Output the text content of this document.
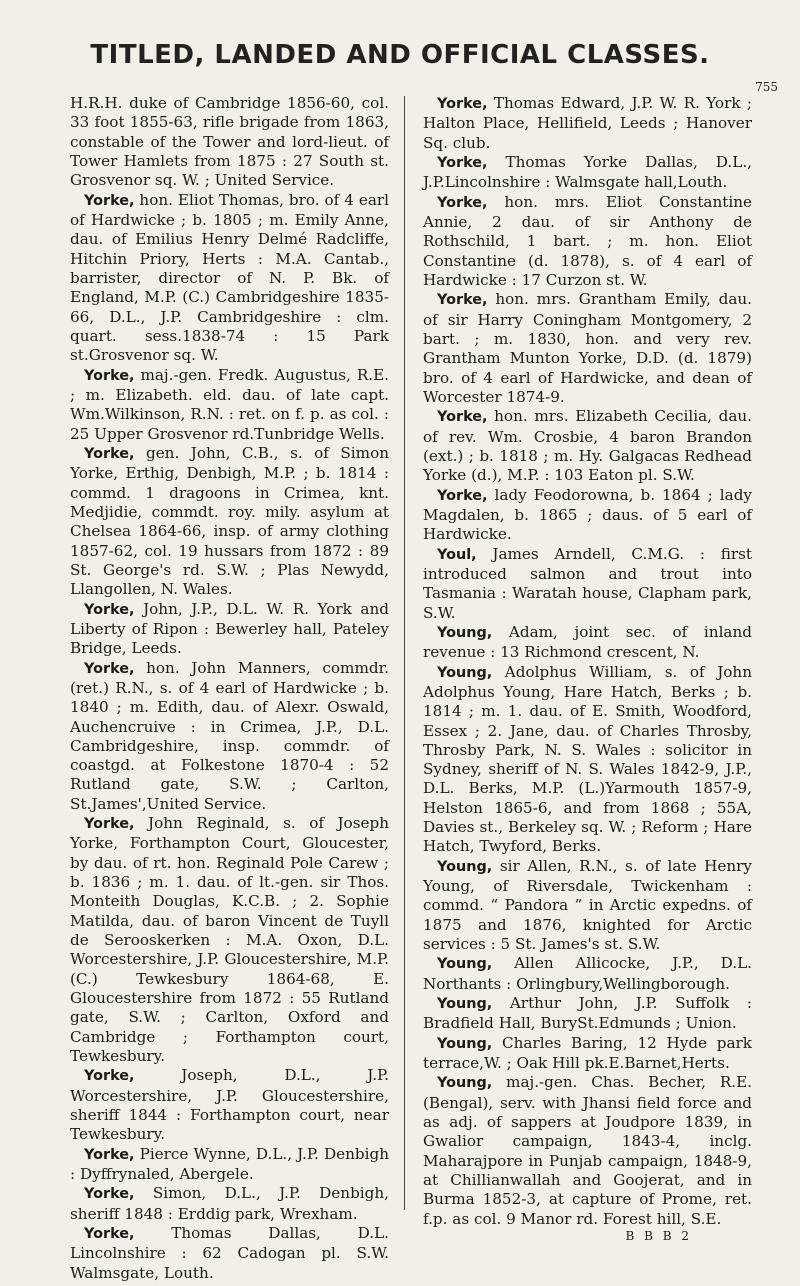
TITLED, LANDED AND OFFICIAL CLASSES.
755

H.R.H. duke of Cambridge 1856-60, col. 33 foot 1855-63, rifle brigade from 1863, constable of the Tower and lord-lieut. of Tower Hamlets from 1875 : 27 South st. Grosvenor sq. W. ; United Service.

Yorke, hon. Eliot Thomas, bro. of 4 earl of Hardwicke ; b. 1805 ; m. Emily Anne, dau. of Emilius Henry Delmé Radcliffe, Hitchin Priory, Herts : M.A. Cantab., barrister, director of N. P. Bk. of England, M.P. (C.) Cambridgeshire 1835-66, D.L., J.P. Cambridgeshire : clm. quart. sess.1838-74 : 15 Park st.Grosvenor sq. W.

Yorke, maj.-gen. Fredk. Augustus, R.E. ; m. Elizabeth. eld. dau. of late capt. Wm.Wilkinson, R.N. : ret. on f. p. as col. : 25 Upper Grosvenor rd.Tunbridge Wells.

Yorke, gen. John, C.B., s. of Simon Yorke, Erthig, Denbigh, M.P. ; b. 1814 : commd. 1 dragoons in Crimea, knt. Medjidie, commdt. roy. mily. asylum at Chelsea 1864-66, insp. of army clothing 1857-62, col. 19 hussars from 1872 : 89 St. George's rd. S.W. ; Plas Newydd, Llangollen, N. Wales.

Yorke, John, J.P., D.L. W. R. York and Liberty of Ripon : Bewerley hall, Pateley Bridge, Leeds.

Yorke, hon. John Manners, commdr. (ret.) R.N., s. of 4 earl of Hardwicke ; b. 1840 ; m. Edith, dau. of Alexr. Oswald, Auchencruive : in Crimea, J.P., D.L. Cambridgeshire, insp. commdr. of coastgd. at Folkestone 1870-4 : 52 Rutland gate, S.W. ; Carlton, St.James',United Service.

Yorke, John Reginald, s. of Joseph Yorke, Forthampton Court, Gloucester, by dau. of rt. hon. Reginald Pole Carew ; b. 1836 ; m. 1. dau. of lt.-gen. sir Thos. Monteith Douglas, K.C.B. ; 2. Sophie Matilda, dau. of baron Vincent de Tuyll de Serooskerken : M.A. Oxon, D.L. Worcestershire, J.P. Gloucestershire, M.P. (C.) Tewkesbury 1864-68, E. Gloucestershire from 1872 : 55 Rutland gate, S.W. ; Carlton, Oxford and Cambridge ; Forthampton court, Tewkesbury.

Yorke, Joseph, D.L., J.P. Worcestershire, J.P. Gloucestershire, sheriff 1844 : Forthampton court, near Tewkesbury.

Yorke, Pierce Wynne, D.L., J.P. Denbigh : Dyffrynaled, Abergele.

Yorke, Simon, D.L., J.P. Denbigh, sheriff 1848 : Erddig park, Wrexham.

Yorke, Thomas Dallas, D.L. Lincolnshire : 62 Cadogan pl. S.W. Walmsgate, Louth.

Yorke, Thomas Edward, J.P. W. R. York ; Halton Place, Hellifield, Leeds ; Hanover Sq. club.

Yorke, Thomas Yorke Dallas, D.L., J.P.Lincolnshire : Walmsgate hall,Louth.

Yorke, hon. mrs. Eliot Constantine Annie, 2 dau. of sir Anthony de Rothschild, 1 bart. ; m. hon. Eliot Constantine (d. 1878), s. of 4 earl of Hardwicke : 17 Curzon st. W.

Yorke, hon. mrs. Grantham Emily, dau. of sir Harry Coningham Montgomery, 2 bart. ; m. 1830, hon. and very rev. Grantham Munton Yorke, D.D. (d. 1879) bro. of 4 earl of Hardwicke, and dean of Worcester 1874-9.

Yorke, hon. mrs. Elizabeth Cecilia, dau. of rev. Wm. Crosbie, 4 baron Brandon (ext.) ; b. 1818 ; m. Hy. Galgacas Redhead Yorke (d.), M.P. : 103 Eaton pl. S.W.

Yorke, lady Feodorowna, b. 1864 ; lady Magdalen, b. 1865 ; daus. of 5 earl of Hardwicke.

Youl, James Arndell, C.M.G. : first introduced salmon and trout into Tasmania : Waratah house, Clapham park, S.W.

Young, Adam, joint sec. of inland revenue : 13 Richmond crescent, N.

Young, Adolphus William, s. of John Adolphus Young, Hare Hatch, Berks ; b. 1814 ; m. 1. dau. of E. Smith, Woodford, Essex ; 2. Jane, dau. of Charles Throsby, Throsby Park, N. S. Wales : solicitor in Sydney, sheriff of N. S. Wales 1842-9, J.P., D.L. Berks, M.P. (L.)Yarmouth 1857-9, Helston 1865-6, and from 1868 ; 55A, Davies st., Berkeley sq. W. ; Reform ; Hare Hatch, Twyford, Berks.

Young, sir Allen, R.N., s. of late Henry Young, of Riversdale, Twickenham : commd. “ Pandora ” in Arctic expedns. of 1875 and 1876, knighted for Arctic services : 5 St. James's st. S.W.

Young, Allen Allicocke, J.P., D.L. Northants : Orlingbury,Wellingborough.

Young, Arthur John, J.P. Suffolk : Bradfield Hall, BurySt.Edmunds ; Union.

Young, Charles Baring, 12 Hyde park terrace,W. ; Oak Hill pk.E.Barnet,Herts.

Young, maj.-gen. Chas. Becher, R.E. (Bengal), serv. with Jhansi field force and as adj. of sappers at Joudpore 1839, in Gwalior campaign, 1843-4, inclg. Maharajpore in Punjab campaign, 1848-9, at Chillianwallah and Goojerat, and in Burma 1852-3, at capture of Prome, ret. f.p. as col. 9 Manor rd. Forest hill, S.E.

B B B 2
